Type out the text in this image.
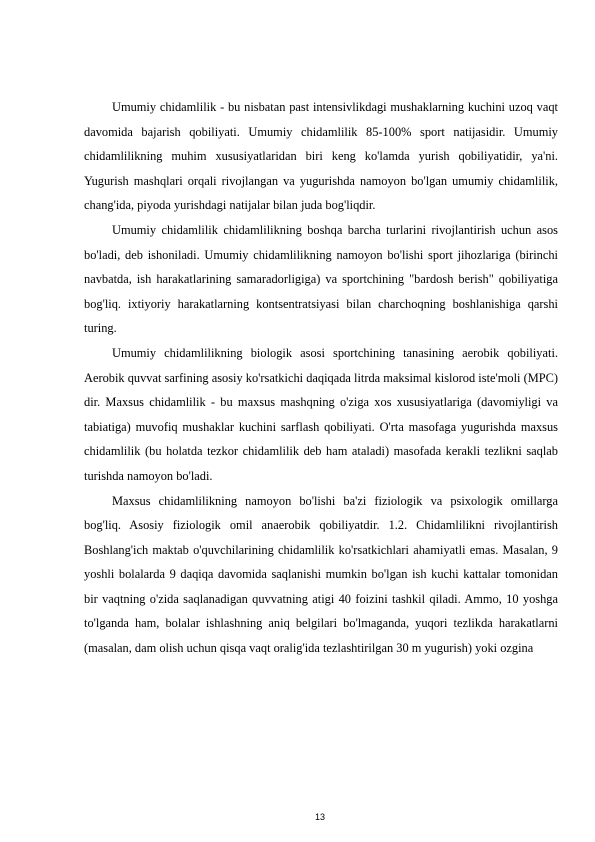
Umumiy chidamlilik - bu nisbatan past intensivlikdagi mushaklarning kuchini uzoq vaqt davomida bajarish qobiliyati. Umumiy chidamlilik 85-100% sport natijasidir. Umumiy chidamlilikning muhim xususiyatlaridan biri keng ko'lamda yurish qobiliyatidir, ya'ni. Yugurish mashqlari orqali rivojlangan va yugurishda namoyon bo'lgan umumiy chidamlilik, chang'ida, piyoda yurishdagi natijalar bilan juda bog'liqdir.

Umumiy chidamlilik chidamlilikning boshqa barcha turlarini rivojlantirish uchun asos bo'ladi, deb ishoniladi. Umumiy chidamlilikning namoyon bo'lishi sport jihozlariga (birinchi navbatda, ish harakatlarining samaradorligiga) va sportchining "bardosh berish" qobiliyatiga bog'liq. ixtiyoriy harakatlarning kontsentratsiyasi bilan charchoqning boshlanishiga qarshi turing.

Umumiy chidamlilikning biologik asosi sportchining tanasining aerobik qobiliyati. Aerobik quvvat sarfining asosiy ko'rsatkichi daqiqada litrda maksimal kislorod iste'moli (MPC) dir. Maxsus chidamlilik - bu maxsus mashqning o'ziga xos xususiyatlariga (davomiyligi va tabiatiga) muvofiq mushaklar kuchini sarflash qobiliyati. O'rta masofaga yugurishda maxsus chidamlilik (bu holatda tezkor chidamlilik deb ham ataladi) masofada kerakli tezlikni saqlab turishda namoyon bo'ladi.

Maxsus chidamlilikning namoyon bo'lishi ba'zi fiziologik va psixologik omillarga bog'liq. Asosiy fiziologik omil anaerobik qobiliyatdir. 1.2. Chidamlilikni rivojlantirish Boshlang'ich maktab o'quvchilarining chidamlilik ko'rsatkichlari ahamiyatli emas. Masalan, 9 yoshli bolalarda 9 daqiqa davomida saqlanishi mumkin bo'lgan ish kuchi kattalar tomonidan bir vaqtning o'zida saqlanadigan quvvatning atigi 40 foizini tashkil qiladi. Ammo, 10 yoshga to'lganda ham, bolalar ishlashning aniq belgilari bo'lmaganda, yuqori tezlikda harakatlarni (masalan, dam olish uchun qisqa vaqt oralig'ida tezlashtirilgan 30 m yugurish) yoki ozgina

13
